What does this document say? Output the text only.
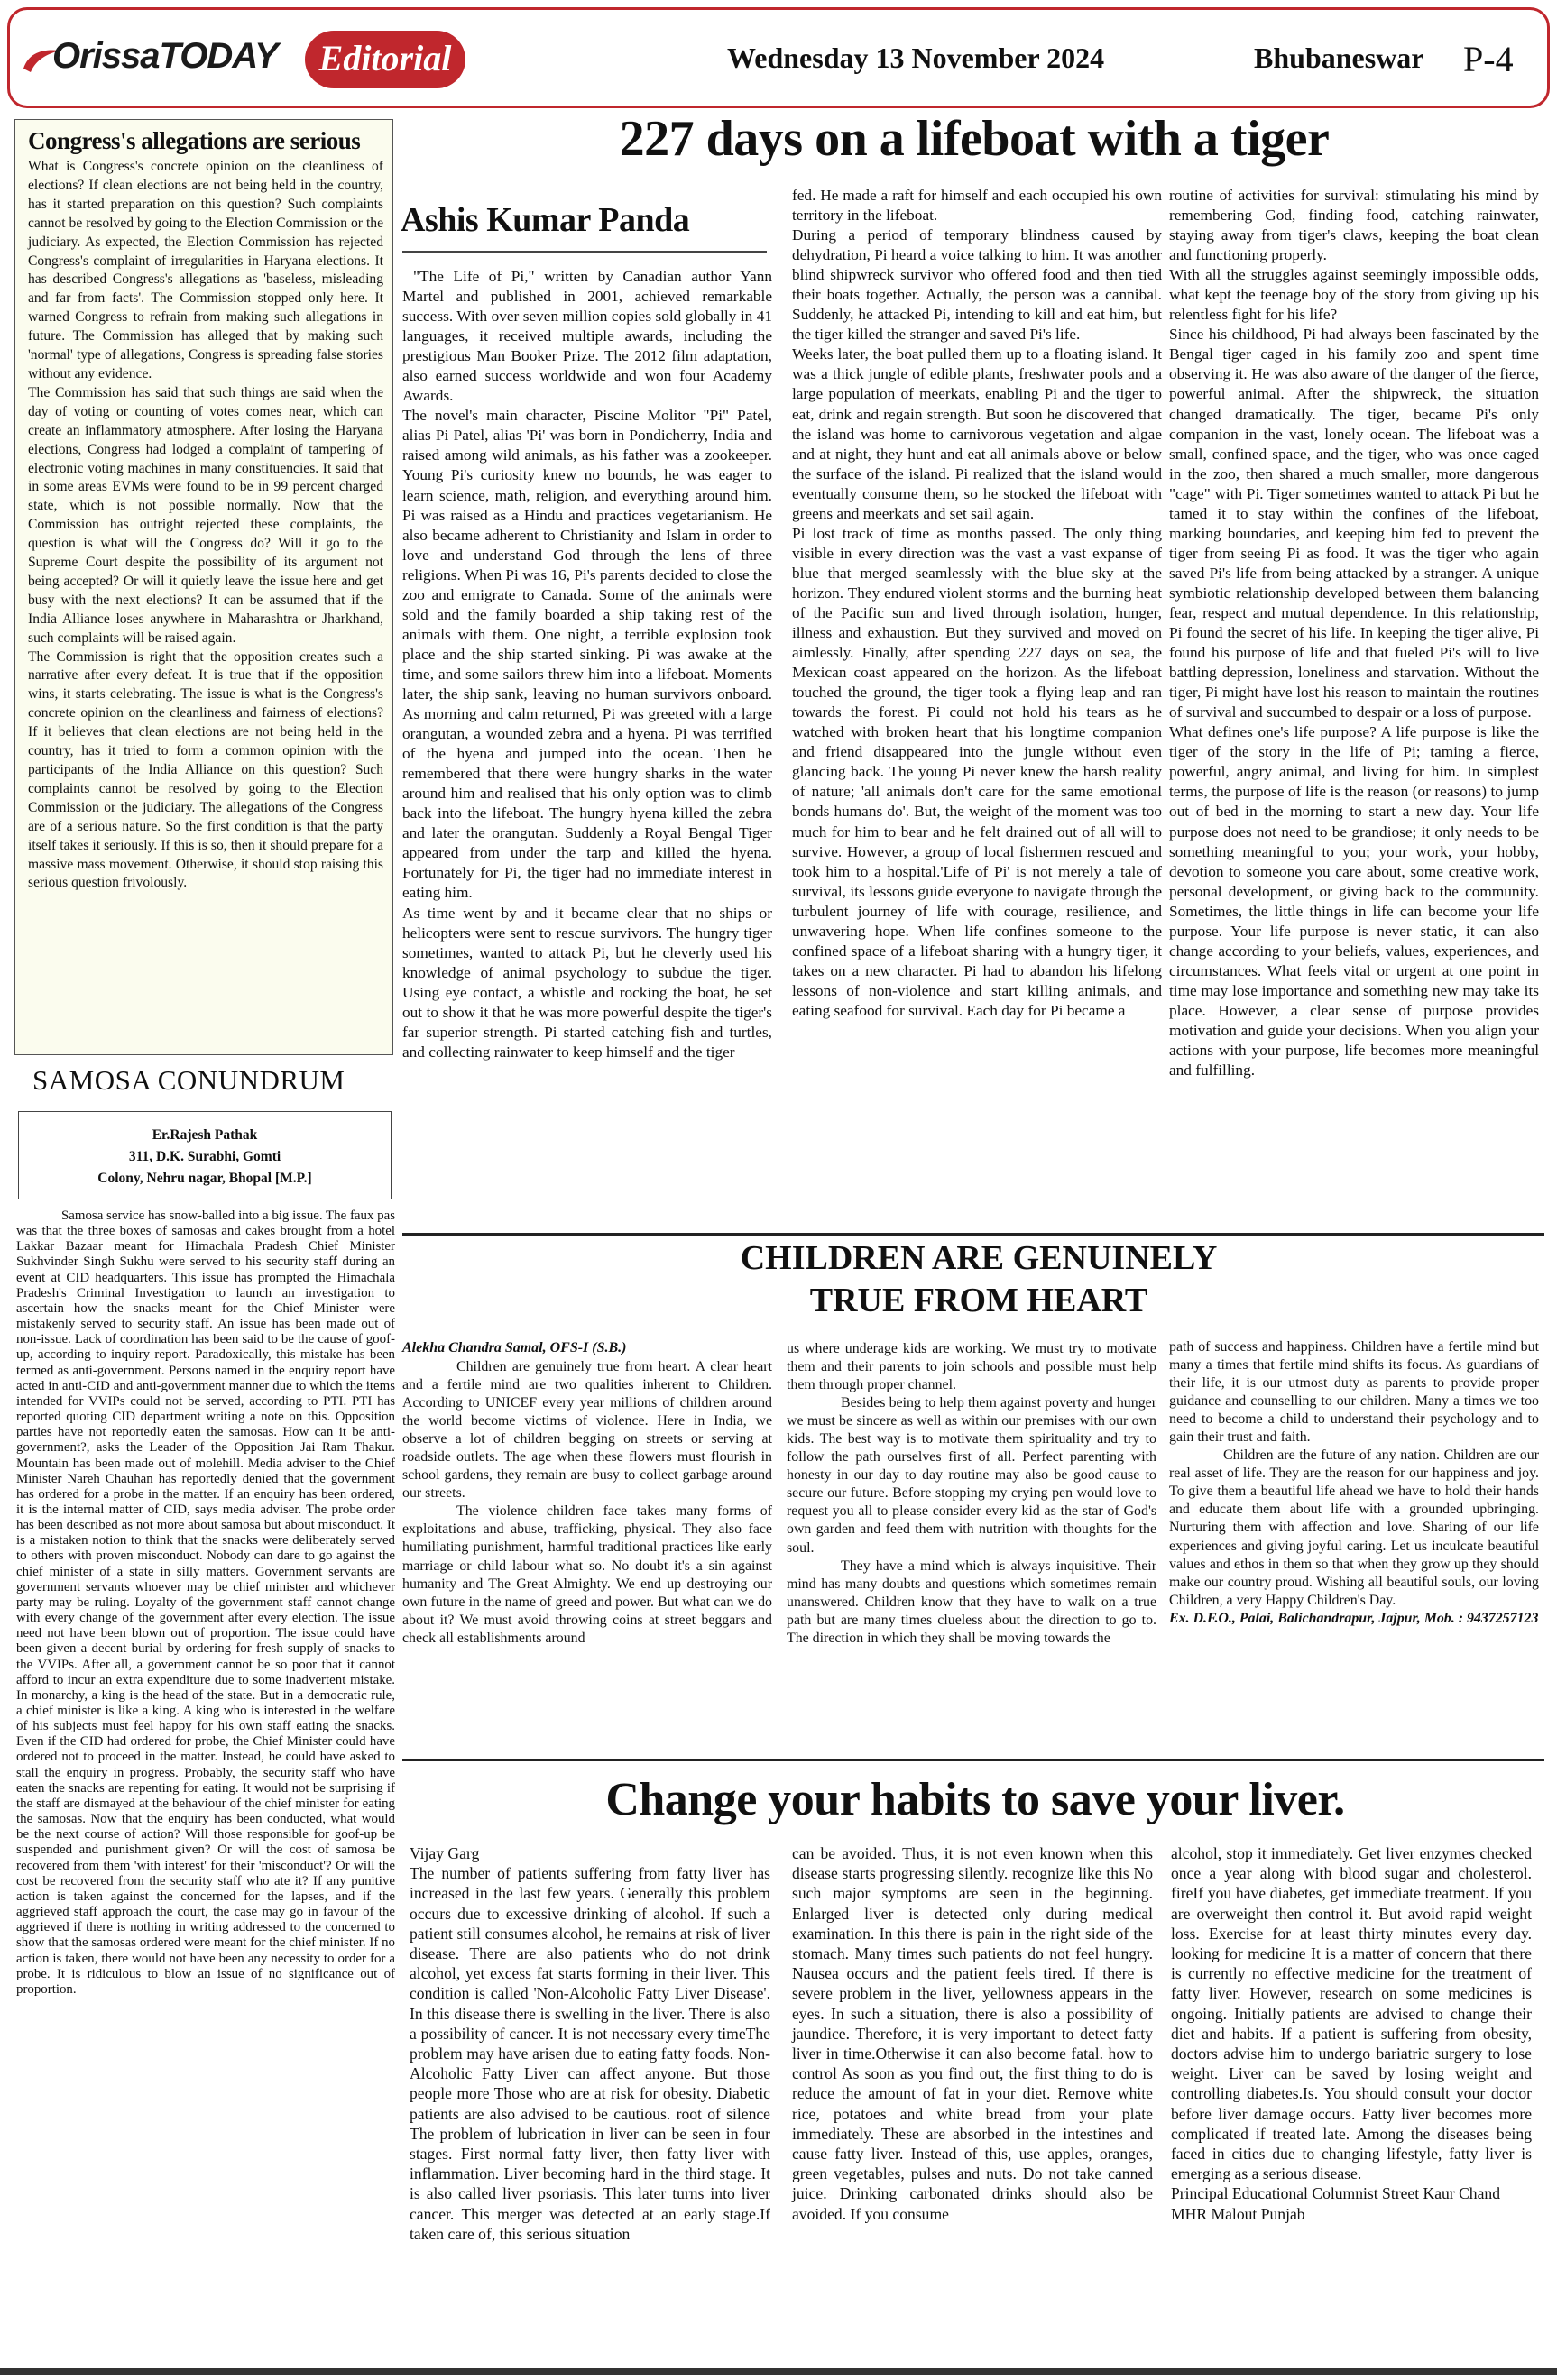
OrissaTODAY	Editorial	Wednesday 13 November 2024	Bhubaneswar P-4
Congress's allegations are serious

What is Congress's concrete opinion on the cleanliness of elections? If clean elections are not being held in the country, has it started preparation on this question? Such complaints cannot be resolved by going to the Election Commission or the judiciary. As expected, the Election Commission has rejected Congress's complaint of irregularities in Haryana elections. It has described Congress's allegations as 'baseless, misleading and far from facts'. The Commission stopped only here. It warned Congress to refrain from making such allegations in future. The Commission has alleged that by making such 'normal' type of allegations, Congress is spreading false stories without any evidence.

The Commission has said that such things are said when the day of voting or counting of votes comes near, which can create an inflammatory atmosphere. After losing the Haryana elections, Congress had lodged a complaint of tampering of electronic voting machines in many constituencies. It said that in some areas EVMs were found to be in 99 percent charged state, which is not possible normally. Now that the Commission has outright rejected these complaints, the question is what will the Congress do? Will it go to the Supreme Court despite the possibility of its argument not being accepted? Or will it quietly leave the issue here and get busy with the next elections? It can be assumed that if the India Alliance loses anywhere in Maharashtra or Jharkhand, such complaints will be raised again.

The Commission is right that the opposition creates such a narrative after every defeat. It is true that if the opposition wins, it starts celebrating. The issue is what is the Congress's concrete opinion on the cleanliness and fairness of elections? If it believes that clean elections are not being held in the country, has it tried to form a common opinion with the participants of the India Alliance on this question? Such complaints cannot be resolved by going to the Election Commission or the judiciary. The allegations of the Congress are of a serious nature. So the first condition is that the party itself takes it seriously. If this is so, then it should prepare for a massive mass movement. Otherwise, it should stop raising this serious question frivolously.

SAMOSA CONUNDRUM
Er.Rajesh Pathak
311, D.K. Surabhi, Gomti
Colony, Nehru nagar, Bhopal [M.P.]

Samosa service has snow-balled into a big issue. The faux pas was that the three boxes of samosas and cakes brought from a hotel Lakkar Bazaar meant for Himachala Pradesh Chief Minister Sukhvinder Singh Sukhu were served to his security staff during an event at CID headquarters. This issue has prompted the Himachala Pradesh's Criminal Investigation to launch an investigation to ascertain how the snacks meant for the Chief Minister were mistakenly served to security staff. An issue has been made out of non-issue. Lack of coordination has been said to be the cause of goof-up, according to inquiry report. Paradoxically, this mistake has been termed as anti-government. Persons named in the enquiry report have acted in anti-CID and anti-government manner due to which the items intended for VVIPs could not be served, according to PTI. PTI has reported quoting CID department writing a note on this. Opposition parties have not reportedly eaten the samosas. How can it be anti-government?, asks the Leader of the Opposition Jai Ram Thakur. Mountain has been made out of molehill. Media adviser to the Chief Minister Nareh Chauhan has reportedly denied that the government has ordered for a probe in the matter. If an enquiry has been ordered, it is the internal matter of CID, says media adviser. The probe order has been described as not more about samosa but about misconduct. It is a mistaken notion to think that the snacks were deliberately served to others with proven misconduct. Nobody can dare to go against the chief minister of a state in silly matters. Government servants are government servants whoever may be chief minister and whichever party may be ruling. Loyalty of the government staff cannot change with every change of the government after every election. The issue need not have been blown out of proportion. The issue could have been given a decent burial by ordering for fresh supply of snacks to the VVIPs. After all, a government cannot be so poor that it cannot afford to incur an extra expenditure due to some inadvertent mistake. In monarchy, a king is the head of the state. But in a democratic rule, a chief minister is like a king. A king who is interested in the welfare of his subjects must feel happy for his own staff eating the snacks. Even if the CID had ordered for probe, the Chief Minister could have ordered not to proceed in the matter. Instead, he could have asked to stall the enquiry in progress. Probably, the security staff who have eaten the snacks are repenting for eating. It would not be surprising if the staff are dismayed at the behaviour of the chief minister for eating the samosas. Now that the enquiry has been conducted, what would be the next course of action? Will those responsible for goof-up be suspended and punishment given? Or will the cost of samosa be recovered from them 'with interest' for their 'misconduct'? Or will the cost be recovered from the security staff who ate it? If any punitive action is taken against the concerned for the lapses, and if the aggrieved staff approach the court, the case may go in favour of the aggrieved if there is nothing in writing addressed to the concerned to show that the samosas ordered were meant for the chief minister. If no action is taken, there would not have been any necessity to order for a probe. It is ridiculous to blow an issue of no significance out of proportion.

227 days on a lifeboat with a tiger
Ashis Kumar Panda

"The Life of Pi," written by Canadian author Yann Martel and published in 2001, achieved remarkable success. With over seven million copies sold globally in 41 languages, it received multiple awards, including the prestigious Man Booker Prize. The 2012 film adaptation, also earned success worldwide and won four Academy Awards.

The novel's main character, Piscine Molitor "Pi" Patel, alias Pi Patel, alias 'Pi' was born in Pondicherry, India and raised among wild animals, as his father was a zookeeper. Young Pi's curiosity knew no bounds, he was eager to learn science, math, religion, and everything around him. Pi was raised as a Hindu and practices vegetarianism. He also became adherent to Christianity and Islam in order to love and understand God through the lens of three religions. When Pi was 16, Pi's parents decided to close the zoo and emigrate to Canada. Some of the animals were sold and the family boarded a ship taking rest of the animals with them. One night, a terrible explosion took place and the ship started sinking. Pi was awake at the time, and some sailors threw him into a lifeboat. Moments later, the ship sank, leaving no human survivors onboard. As morning and calm returned, Pi was greeted with a large orangutan, a wounded zebra and a hyena. Pi was terrified of the hyena and jumped into the ocean. Then he remembered that there were hungry sharks in the water around him and realised that his only option was to climb back into the lifeboat. The hungry hyena killed the zebra and later the orangutan. Suddenly a Royal Bengal Tiger appeared from under the tarp and killed the hyena. Fortunately for Pi, the tiger had no immediate interest in eating him.

As time went by and it became clear that no ships or helicopters were sent to rescue survivors. The hungry tiger sometimes, wanted to attack Pi, but he cleverly used his knowledge of animal psychology to subdue the tiger. Using eye contact, a whistle and rocking the boat, he set out to show it that he was more powerful despite the tiger's far superior strength. Pi started catching fish and turtles, and collecting rainwater to keep himself and the tiger

fed. He made a raft for himself and each occupied his own territory in the lifeboat.

During a period of temporary blindness caused by dehydration, Pi heard a voice talking to him. It was another blind shipwreck survivor who offered food and then tied their boats together. Actually, the person was a cannibal. Suddenly, he attacked Pi, intending to kill and eat him, but the tiger killed the stranger and saved Pi's life.

Weeks later, the boat pulled them up to a floating island. It was a thick jungle of edible plants, freshwater pools and a large population of meerkats, enabling Pi and the tiger to eat, drink and regain strength. But soon he discovered that the island was home to carnivorous vegetation and algae and at night, they hunt and eat all animals above or below the surface of the island. Pi realized that the island would eventually consume them, so he stocked the lifeboat with greens and meerkats and set sail again.

Pi lost track of time as months passed. The only thing visible in every direction was the vast a vast expanse of blue that merged seamlessly with the blue sky at the horizon. They endured violent storms and the burning heat of the Pacific sun and lived through isolation, hunger, illness and exhaustion. But they survived and moved on aimlessly. Finally, after spending 227 days on sea, the Mexican coast appeared on the horizon. As the lifeboat touched the ground, the tiger took a flying leap and ran towards the forest. Pi could not hold his tears as he watched with broken heart that his longtime companion and friend disappeared into the jungle without even glancing back. The young Pi never knew the harsh reality of nature; 'all animals don't care for the same emotional bonds humans do'. But, the weight of the moment was too much for him to bear and he felt drained out of all will to survive. However, a group of local fishermen rescued and took him to a hospital.'Life of Pi' is not merely a tale of survival, its lessons guide everyone to navigate through the turbulent journey of life with courage, resilience, and unwavering hope. When life confines someone to the confined space of a lifeboat sharing with a hungry tiger, it takes on a new character. Pi had to abandon his lifelong lessons of non-violence and start killing animals, and eating seafood for survival. Each day for Pi became a

routine of activities for survival: stimulating his mind by remembering God, finding food, catching rainwater, staying away from tiger's claws, keeping the boat clean and functioning properly.

With all the struggles against seemingly impossible odds, what kept the teenage boy of the story from giving up his relentless fight for his life?

Since his childhood, Pi had always been fascinated by the Bengal tiger caged in his family zoo and spent time observing it. He was also aware of the danger of the fierce, powerful animal. After the shipwreck, the situation changed dramatically. The tiger, became Pi's only companion in the vast, lonely ocean. The lifeboat was a small, confined space, and the tiger, who was once caged in the zoo, then shared a much smaller, more dangerous "cage" with Pi. Tiger sometimes wanted to attack Pi but he tamed it to stay within the confines of the lifeboat, marking boundaries, and keeping him fed to prevent the tiger from seeing Pi as food. It was the tiger who again saved Pi's life from being attacked by a stranger. A unique symbiotic relationship developed between them balancing fear, respect and mutual dependence. In this relationship, Pi found the secret of his life. In keeping the tiger alive, Pi found his purpose of life and that fueled Pi's will to live battling depression, loneliness and starvation. Without the tiger, Pi might have lost his reason to maintain the routines of survival and succumbed to despair or a loss of purpose.

What defines one's life purpose? A life purpose is like the tiger of the story in the life of Pi; taming a fierce, powerful, angry animal, and living for him. In simplest terms, the purpose of life is the reason (or reasons) to jump out of bed in the morning to start a new day. Your life purpose does not need to be grandiose; it only needs to be something meaningful to you; your work, your hobby, devotion to someone you care about, some creative work, personal development, or giving back to the community. Sometimes, the little things in life can become your life purpose. Your life purpose is never static, it can also change according to your beliefs, values, experiences, and circumstances. What feels vital or urgent at one point in time may lose importance and something new may take its place. However, a clear sense of purpose provides motivation and guide your decisions. When you align your actions with your purpose, life becomes more meaningful and fulfilling.

CHILDREN ARE GENUINELY
TRUE FROM HEART
Alekha Chandra Samal, OFS-I (S.B.)

Children are genuinely true from heart. A clear heart and a fertile mind are two qualities inherent to Children. According to UNICEF every year millions of children around the world become victims of violence. Here in India, we observe a lot of children begging on streets or serving at roadside outlets. The age when these flowers must flourish in school gardens, they remain are busy to collect garbage around our streets.

The violence children face takes many forms of exploitations and abuse, trafficking, physical. They also face humiliating punishment, harmful traditional practices like early marriage or child labour what so. No doubt it's a sin against humanity and The Great Almighty. We end up destroying our own future in the name of greed and power. But what can we do about it? We must avoid throwing coins at street beggars and check all establishments around

us where underage kids are working. We must try to motivate them and their parents to join schools and possible must help them through proper channel.

Besides being to help them against poverty and hunger we must be sincere as well as within our premises with our own kids. The best way is to motivate them spirituality and try to follow the path ourselves first of all. Perfect parenting with honesty in our day to day routine may also be good cause to secure our future. Before stopping my crying pen would love to request you all to please consider every kid as the star of God's own garden and feed them with nutrition with thoughts for the soul.

They have a mind which is always inquisitive. Their mind has many doubts and questions which sometimes remain unanswered. Children know that they have to walk on a true path but are many times clueless about the direction to go to. The direction in which they shall be moving towards the

path of success and happiness. Children have a fertile mind but many a times that fertile mind shifts its focus. As guardians of their life, it is our utmost duty as parents to provide proper guidance and counselling to our children. Many a times we too need to become a child to understand their psychology and to gain their trust and faith.

Children are the future of any nation. Children are our real asset of life. They are the reason for our happiness and joy. To give them a beautiful life ahead we have to hold their hands and educate them about life with a grounded upbringing. Nurturing them with affection and love. Sharing of our life experiences and giving joyful caring. Let us inculcate beautiful values and ethos in them so that when they grow up they should make our country proud. Wishing all beautiful souls, our loving Children, a very Happy Children's Day.

Ex. D.F.O., Palai, Balichandrapur, Jajpur, Mob. : 9437257123

Change your habits to save your liver.

Vijay Garg

The number of patients suffering from fatty liver has increased in the last few years. Generally this problem occurs due to excessive drinking of alcohol. If such a patient still consumes alcohol, he remains at risk of liver disease. There are also patients who do not drink alcohol, yet excess fat starts forming in their liver. This condition is called 'Non-Alcoholic Fatty Liver Disease'. In this disease there is swelling in the liver. There is also a possibility of cancer. It is not necessary every timeThe problem may have arisen due to eating fatty foods. Non-Alcoholic Fatty Liver can affect anyone. But those people more Those who are at risk for obesity. Diabetic patients are also advised to be cautious. root of silence The problem of lubrication in liver can be seen in four stages. First normal fatty liver, then fatty liver with inflammation. Liver becoming hard in the third stage. It is also called liver psoriasis. This later turns into liver cancer. This merger was detected at an early stage.If taken care of, this serious situation

can be avoided. Thus, it is not even known when this disease starts progressing silently. recognize like this No such major symptoms are seen in the beginning. Enlarged liver is detected only during medical examination. In this there is pain in the right side of the stomach. Many times such patients do not feel hungry. Nausea occurs and the patient feels tired. If there is severe problem in the liver, yellowness appears in the eyes. In such a situation, there is also a possibility of jaundice. Therefore, it is very important to detect fatty liver in time.Otherwise it can also become fatal. how to control As soon as you find out, the first thing to do is reduce the amount of fat in your diet. Remove white rice, potatoes and white bread from your plate immediately. These are absorbed in the intestines and cause fatty liver. Instead of this, use apples, oranges, green vegetables, pulses and nuts. Do not take canned juice. Drinking carbonated drinks should also be avoided. If you consume

alcohol, stop it immediately. Get liver enzymes checked once a year along with blood sugar and cholesterol. fireIf you have diabetes, get immediate treatment. If you are overweight then control it. But avoid rapid weight loss. Exercise for at least thirty minutes every day. looking for medicine It is a matter of concern that there is currently no effective medicine for the treatment of fatty liver. However, research on some medicines is ongoing. Initially patients are advised to change their diet and habits. If a patient is suffering from obesity, doctors advise him to undergo bariatric surgery to lose weight. Liver can be saved by losing weight and controlling diabetes.Is. You should consult your doctor before liver damage occurs. Fatty liver becomes more complicated if treated late. Among the diseases being faced in cities due to changing lifestyle, fatty liver is emerging as a serious disease.

Principal Educational Columnist Street Kaur Chand MHR Malout Punjab
